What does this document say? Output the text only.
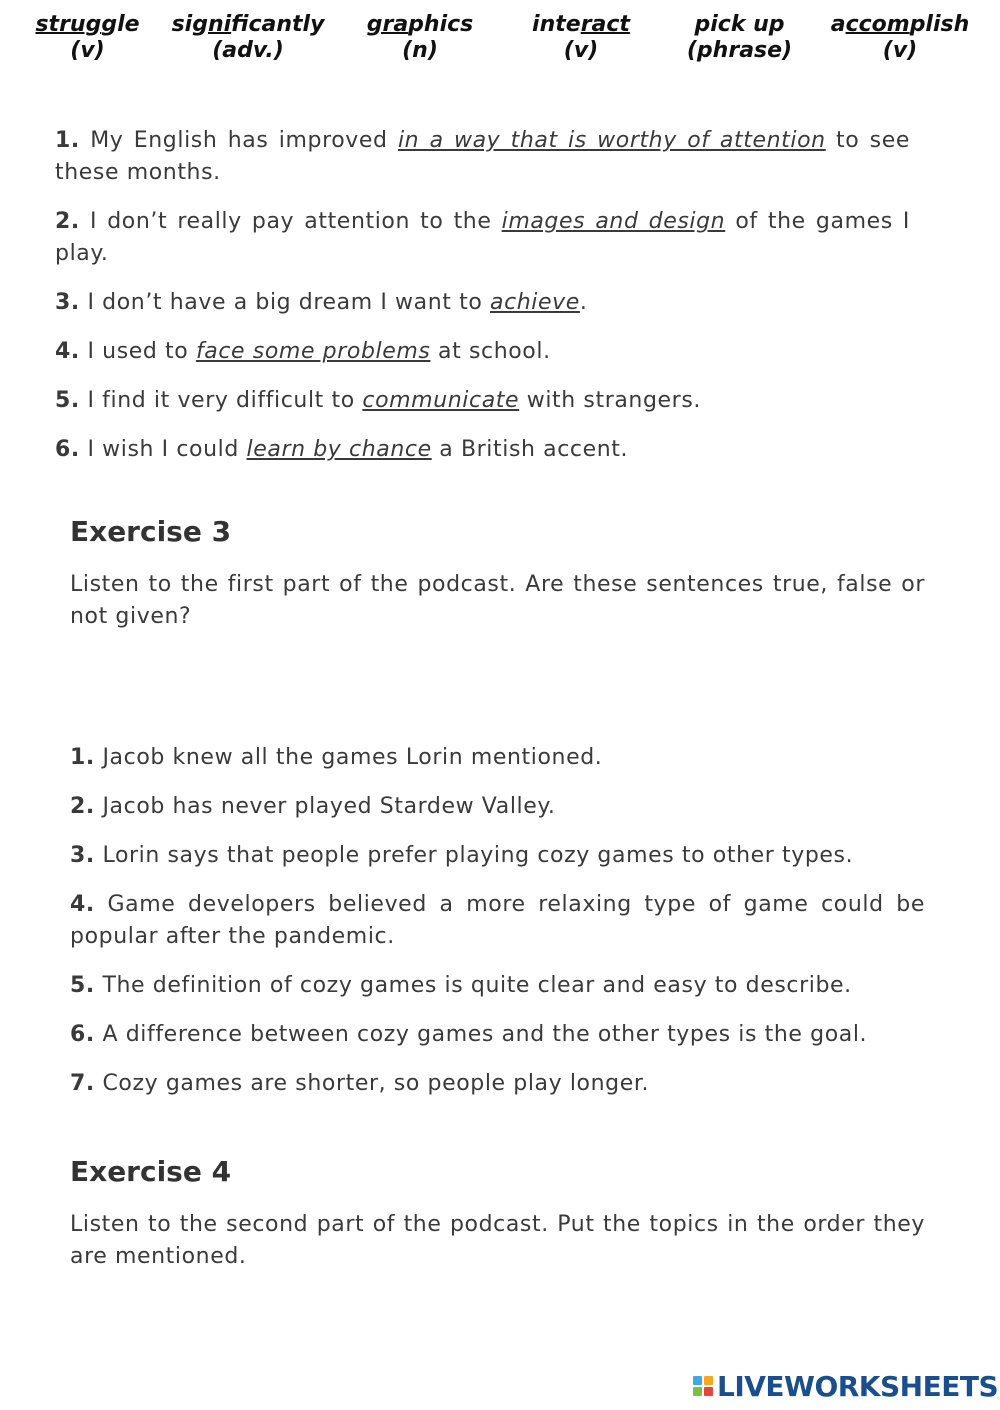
struggle
(v)
significantly
(adv.)
graphics
(n)
interact
(v)
pick up
(phrase)
accomplish
(v)

1. My English has improved in a way that is worthy of attention to see these months.

2. I don’t really pay attention to the images and design of the games I play.

3. I don’t have a big dream I want to achieve.

4. I used to face some problems at school.

5. I find it very difficult to communicate with strangers.

6. I wish I could learn by chance a British accent.

Exercise 3

Listen to the first part of the podcast. Are these sentences true, false or not given?

1. Jacob knew all the games Lorin mentioned.

2. Jacob has never played Stardew Valley.

3. Lorin says that people prefer playing cozy games to other types.

4. Game developers believed a more relaxing type of game could be popular after the pandemic.

5. The definition of cozy games is quite clear and easy to describe.

6. A difference between cozy games and the other types is the goal.

7. Cozy games are shorter, so people play longer.

Exercise 4

Listen to the second part of the podcast. Put the topics in the order they are mentioned.

LIVEWORKSHEETS
